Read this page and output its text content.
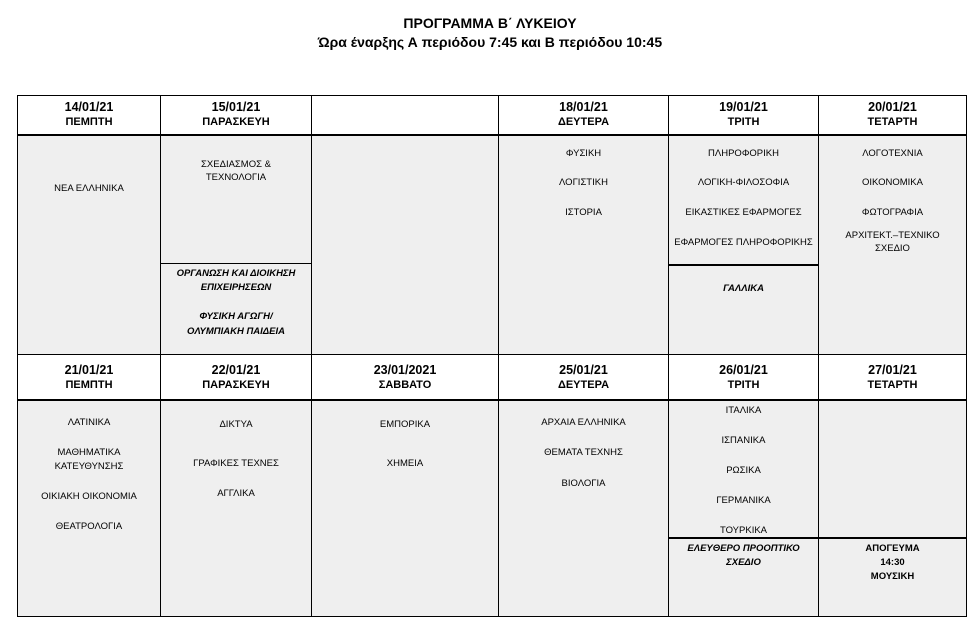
ΠΡΟΓΡΑΜΜΑ Β΄ ΛΥΚΕΙΟΥ
Ώρα έναρξης Α περιόδου 7:45 και Β περιόδου 10:45
14/01/21
ΠΕΜΠΤΗ
15/01/21
ΠΑΡΑΣΚΕΥΗ
18/01/21
ΔΕΥΤΕΡΑ
19/01/21
ΤΡΙΤΗ
20/01/21
ΤΕΤΑΡΤΗ
ΝΕΑ ΕΛΛΗΝΙΚΑ
ΣΧΕΔΙΑΣΜΟΣ &
ΤΕΧΝΟΛΟΓΙΑ
ΟΡΓΑΝΩΣΗ ΚΑΙ ΔΙΟΙΚΗΣΗ
ΕΠΙΧΕΙΡΗΣΕΩΝ
ΦΥΣΙΚΗ ΑΓΩΓΗ/
ΟΛΥΜΠΙΑΚΗ ΠΑΙΔΕΙΑ
ΦΥΣΙΚΗ
ΛΟΓΙΣΤΙΚΗ
ΙΣΤΟΡΙΑ
ΠΛΗΡΟΦΟΡΙΚΗ
ΛΟΓΙΚΗ-ΦΙΛΟΣΟΦΙΑ
ΕΙΚΑΣΤΙΚΕΣ ΕΦΑΡΜΟΓΕΣ
ΕΦΑΡΜΟΓΕΣ ΠΛΗΡΟΦΟΡΙΚΗΣ
ΓΑΛΛΙΚΑ
ΛΟΓΟΤΕΧΝΙΑ
ΟΙΚΟΝΟΜΙΚΑ
ΦΩΤΟΓΡΑΦΙΑ
ΑΡΧΙΤΕΚΤ.–ΤΕΧΝΙΚΟ
ΣΧΕΔΙΟ
21/01/21
ΠΕΜΠΤΗ
22/01/21
ΠΑΡΑΣΚΕΥΗ
23/01/2021
ΣΑΒΒΑΤΟ
25/01/21
ΔΕΥΤΕΡΑ
26/01/21
ΤΡΙΤΗ
27/01/21
ΤΕΤΑΡΤΗ
ΛΑΤΙΝΙΚΑ
ΜΑΘΗΜΑΤΙΚΑ
ΚΑΤΕΥΘΥΝΣΗΣ
ΟΙΚΙΑΚΗ ΟΙΚΟΝΟΜΙΑ
ΘΕΑΤΡΟΛΟΓΙΑ
ΔΙΚΤΥΑ
ΓΡΑΦΙΚΕΣ ΤΕΧΝΕΣ
ΑΓΓΛΙΚΑ
ΕΜΠΟΡΙΚΑ
ΧΗΜΕΙΑ
ΑΡΧΑΙΑ ΕΛΛΗΝΙΚΑ
ΘΕΜΑΤΑ ΤΕΧΝΗΣ
ΒΙΟΛΟΓΙΑ
ΙΤΑΛΙΚΑ
ΙΣΠΑΝΙΚΑ
ΡΩΣΙΚΑ
ΓΕΡΜΑΝΙΚΑ
ΤΟΥΡΚΙΚΑ
ΕΛΕΥΘΕΡΟ ΠΡΟΟΠΤΙΚΟ
ΣΧΕΔΙΟ
ΑΠΟΓΕΥΜΑ
14:30
ΜΟΥΣΙΚΗ
